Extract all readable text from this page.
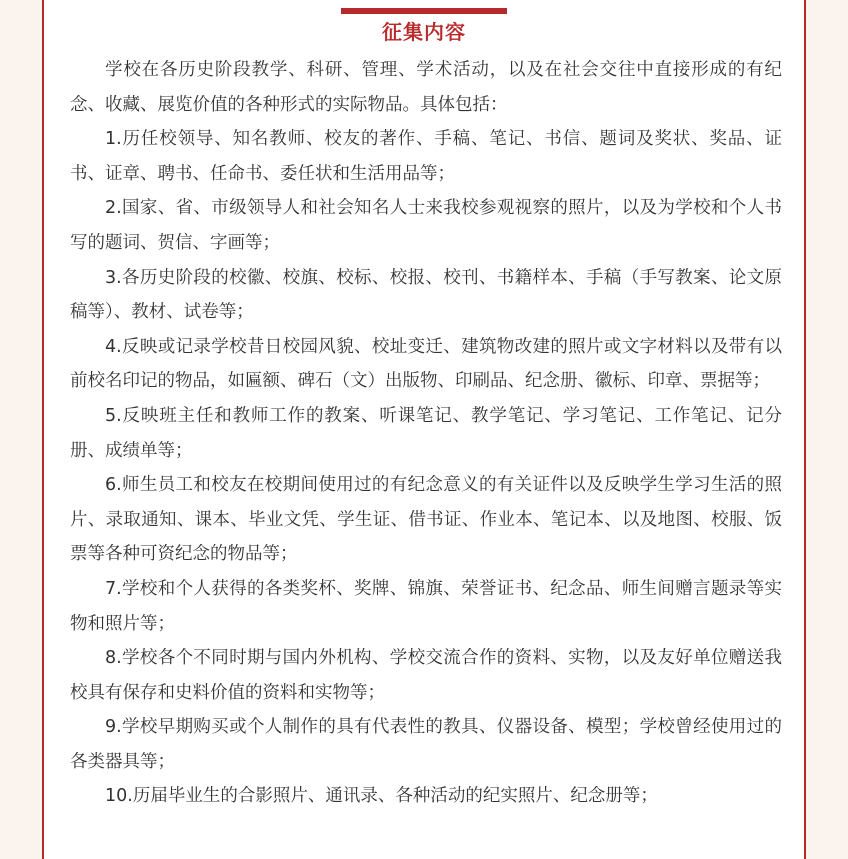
征集内容

学校在各历史阶段教学、科研、管理、学术活动，以及在社会交往中直接形成的有纪念、收藏、展览价值的各种形式的实际物品。具体包括：

1.历任校领导、知名教师、校友的著作、手稿、笔记、书信、题词及奖状、奖品、证书、证章、聘书、任命书、委任状和生活用品等；

2.国家、省、市级领导人和社会知名人士来我校参观视察的照片，以及为学校和个人书写的题词、贺信、字画等；

3.各历史阶段的校徽、校旗、校标、校报、校刊、书籍样本、手稿（手写教案、论文原稿等）、教材、试卷等；

4.反映或记录学校昔日校园风貌、校址变迁、建筑物改建的照片或文字材料以及带有以前校名印记的物品，如匾额、碑石（文）出版物、印刷品、纪念册、徽标、印章、票据等；

5.反映班主任和教师工作的教案、听课笔记、教学笔记、学习笔记、工作笔记、记分册、成绩单等；

6.师生员工和校友在校期间使用过的有纪念意义的有关证件以及反映学生学习生活的照片、录取通知、课本、毕业文凭、学生证、借书证、作业本、笔记本、以及地图、校服、饭票等各种可资纪念的物品等；

7.学校和个人获得的各类奖杯、奖牌、锦旗、荣誉证书、纪念品、师生间赠言题录等实物和照片等；

8.学校各个不同时期与国内外机构、学校交流合作的资料、实物，以及友好单位赠送我校具有保存和史料价值的资料和实物等；

9.学校早期购买或个人制作的具有代表性的教具、仪器设备、模型；学校曾经使用过的各类器具等；

10.历届毕业生的合影照片、通讯录、各种活动的纪实照片、纪念册等；
